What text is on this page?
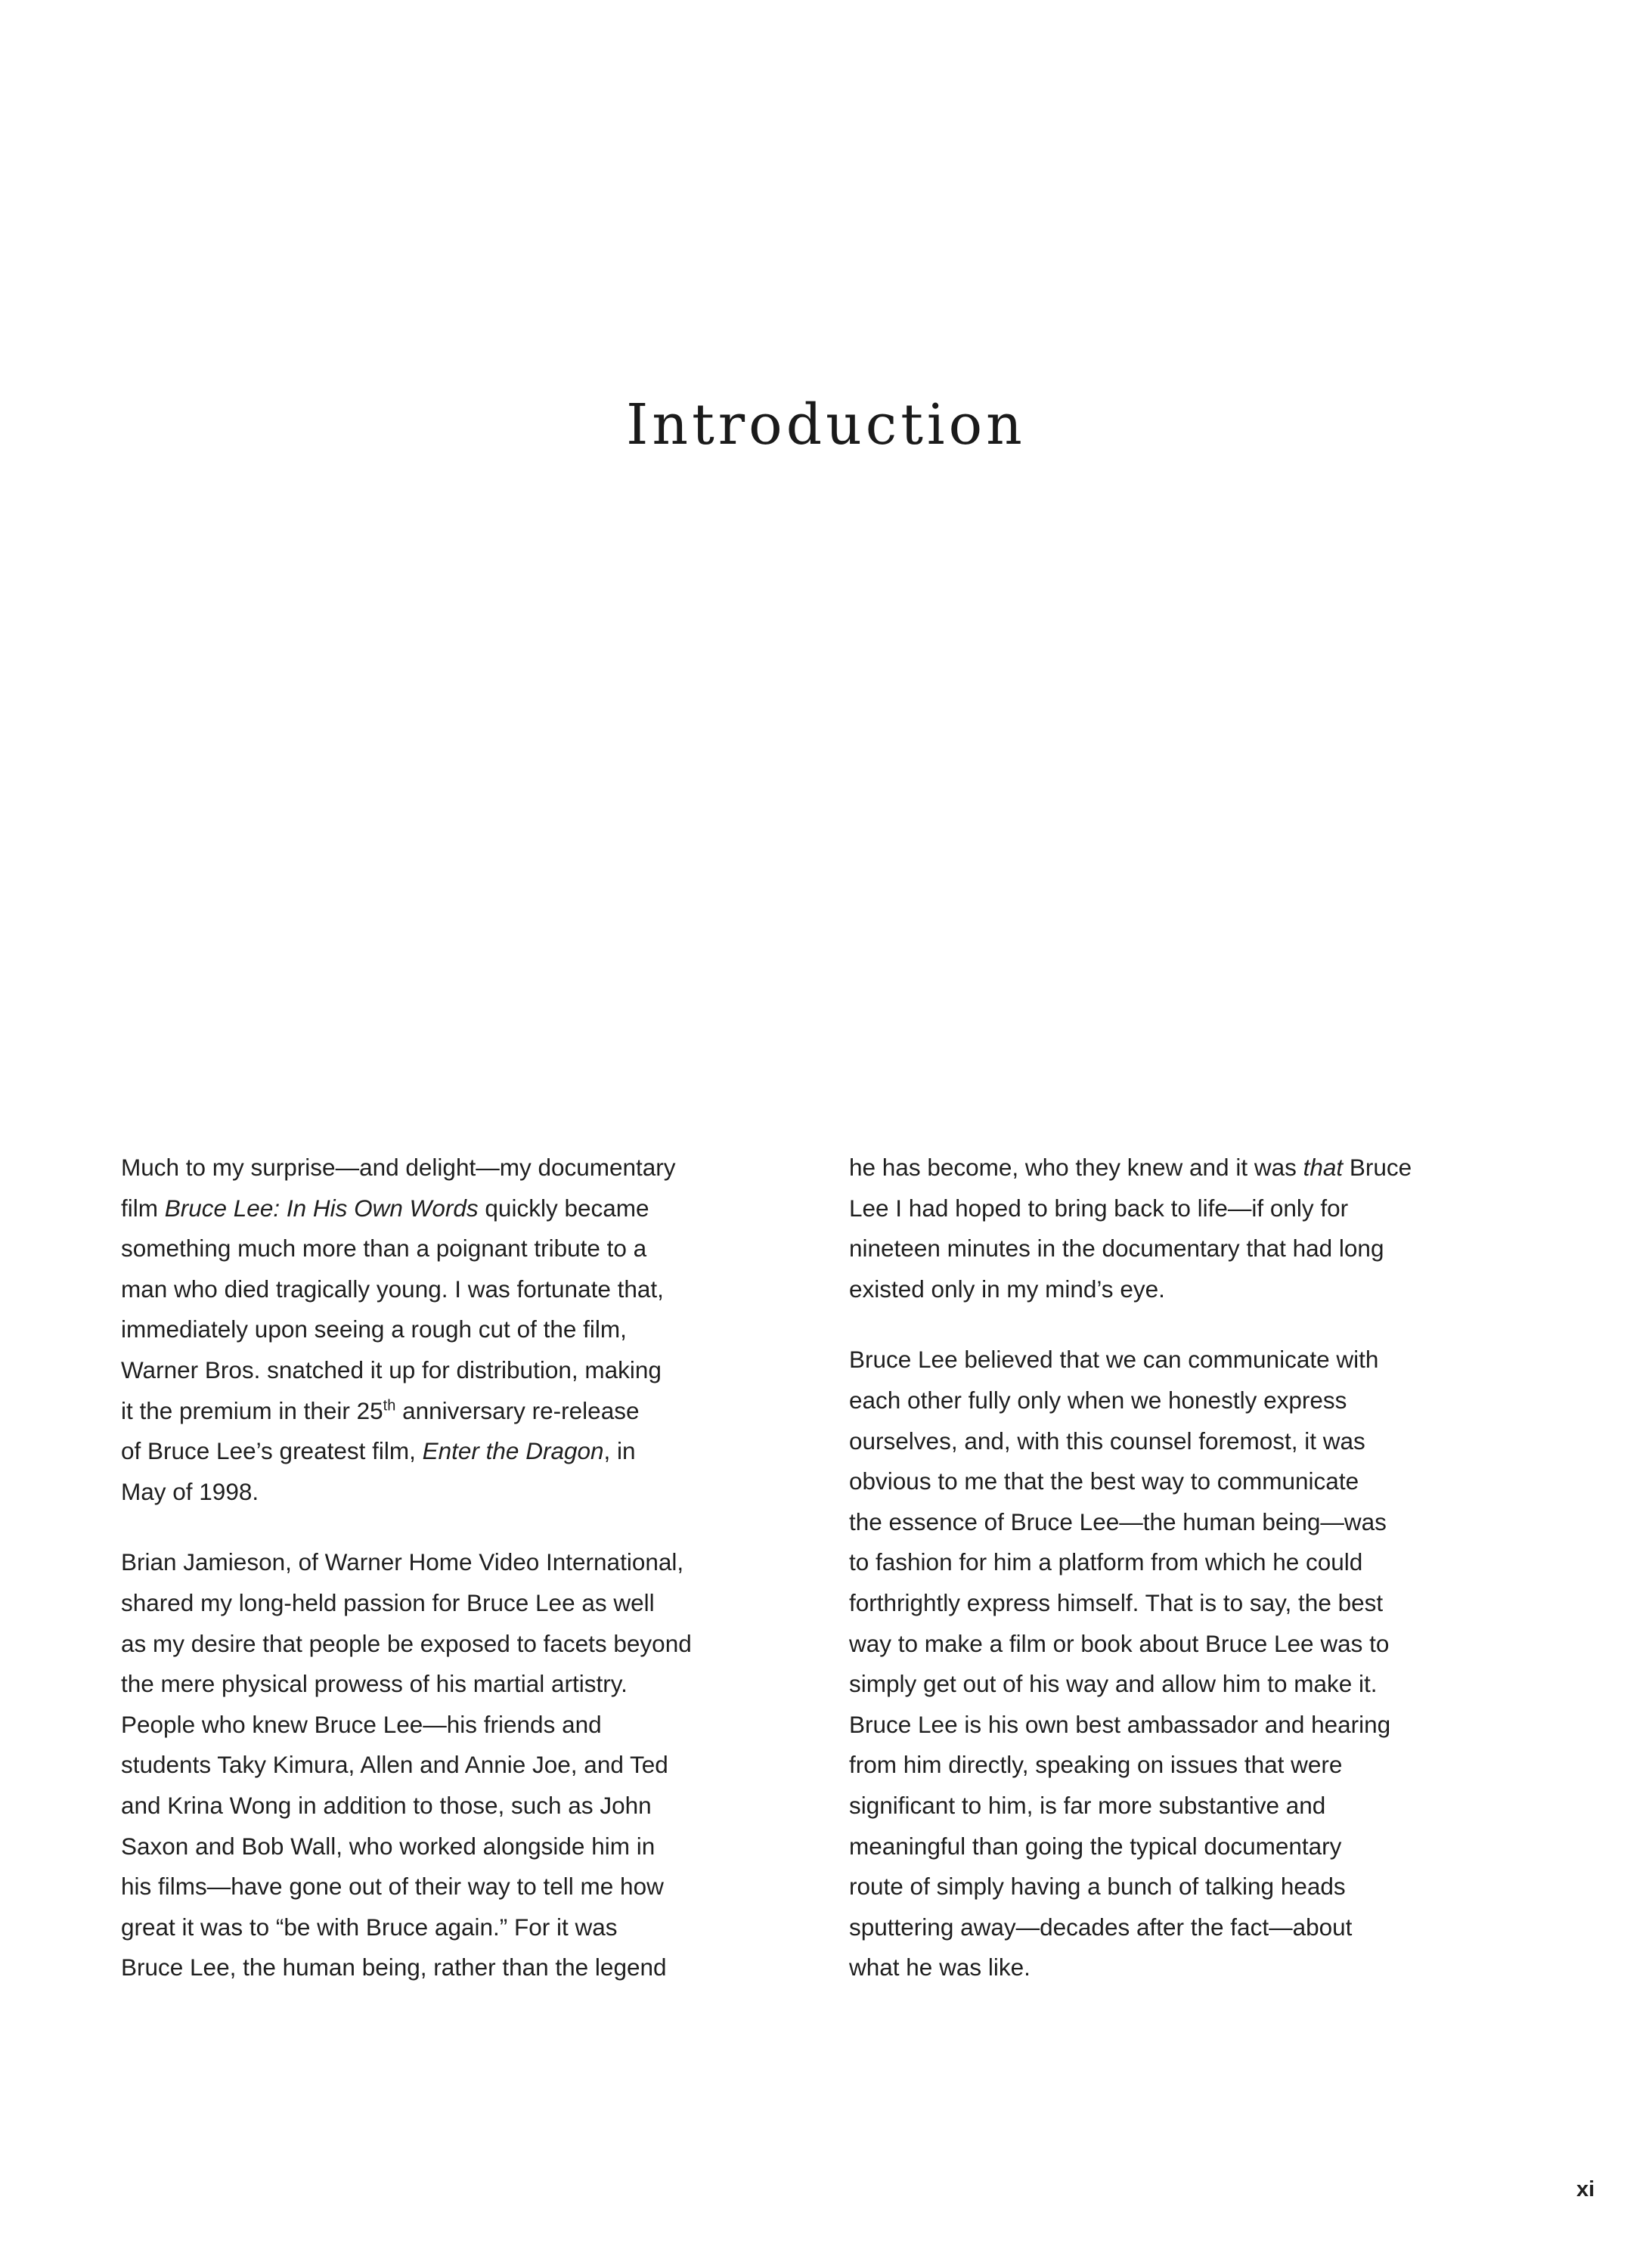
Introduction

Much to my surprise—and delight—my documentary
film Bruce Lee: In His Own Words quickly became
something much more than a poignant tribute to a
man who died tragically young. I was fortunate that,
immediately upon seeing a rough cut of the film,
Warner Bros. snatched it up for distribution, making
it the premium in their 25th anniversary re-release
of Bruce Lee’s greatest film, Enter the Dragon, in
May of 1998.

Brian Jamieson, of Warner Home Video International,
shared my long-held passion for Bruce Lee as well
as my desire that people be exposed to facets beyond
the mere physical prowess of his martial artistry.
People who knew Bruce Lee—his friends and
students Taky Kimura, Allen and Annie Joe, and Ted
and Krina Wong in addition to those, such as John
Saxon and Bob Wall, who worked alongside him in
his films—have gone out of their way to tell me how
great it was to “be with Bruce again.” For it was
Bruce Lee, the human being, rather than the legend

he has become, who they knew and it was that Bruce
Lee I had hoped to bring back to life—if only for
nineteen minutes in the documentary that had long
existed only in my mind’s eye.

Bruce Lee believed that we can communicate with
each other fully only when we honestly express
ourselves, and, with this counsel foremost, it was
obvious to me that the best way to communicate
the essence of Bruce Lee—the human being—was
to fashion for him a platform from which he could
forthrightly express himself. That is to say, the best
way to make a film or book about Bruce Lee was to
simply get out of his way and allow him to make it.
Bruce Lee is his own best ambassador and hearing
from him directly, speaking on issues that were
significant to him, is far more substantive and
meaningful than going the typical documentary
route of simply having a bunch of talking heads
sputtering away—decades after the fact—about
what he was like.

xi
